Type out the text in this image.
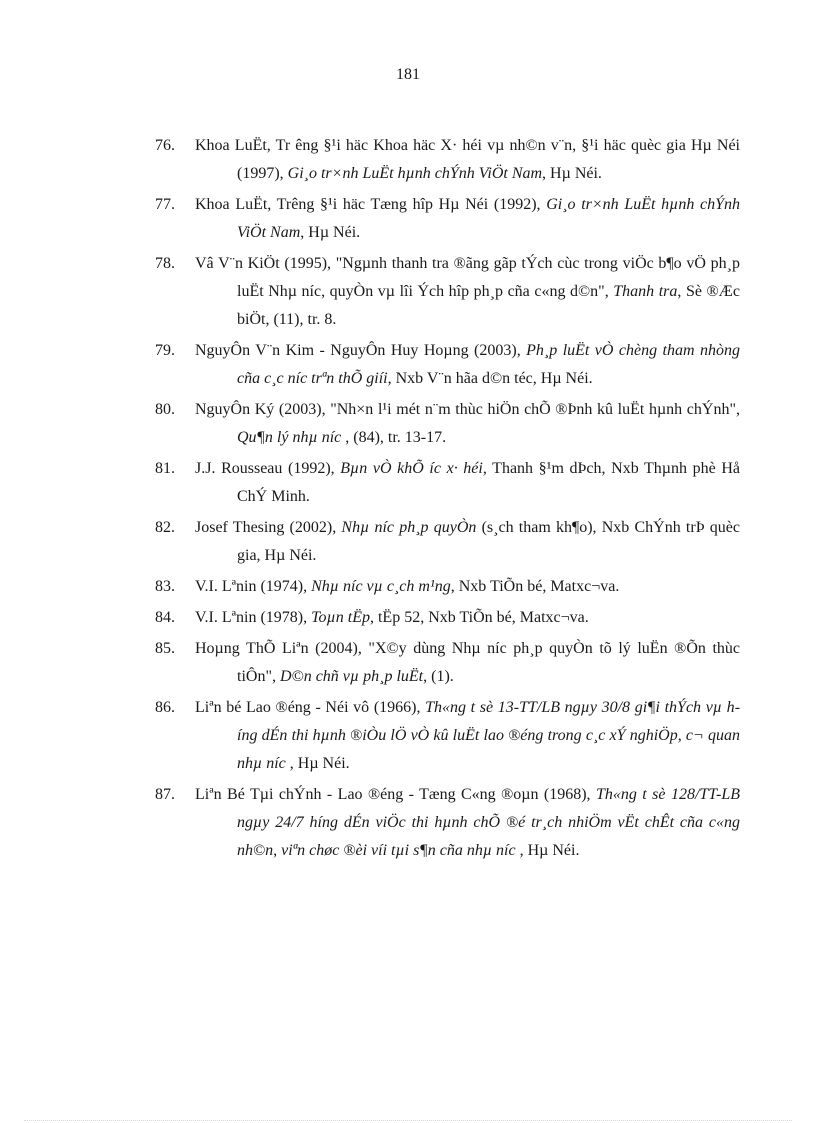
181
76.	Khoa LuËt, Tr êng §¹i häc Khoa häc X· héi vµ nh©n v¨n, §¹i häc quèc gia Hµ Néi (1997), Gi¸o tr×nh LuËt hµnh chÝnh ViÖt Nam, Hµ Néi.
77.	Khoa LuËt, Trêng §¹i häc Tæng hîp Hµ Néi (1992), Gi¸o tr×nh LuËt hµnh chÝnh ViÖt Nam, Hµ Néi.
78.	Vâ V¨n KiÖt (1995), "Ngµnh thanh tra ®ãng gãp tÝch cùc trong viÖc b¶o vÖ ph¸p luËt Nhµ níc, quyÒn vµ lîi Ých hîp ph¸p cña c«ng d©n", Thanh tra, Sè ®Æc biÖt, (11), tr. 8.
79.	NguyÔn V¨n Kim - NguyÔn Huy Hoµng (2003), Ph¸p luËt vÒ chèng tham nhòng cña c¸c níc trªn thÕ giíi, Nxb V¨n hãa d©n téc, Hµ Néi.
80.	NguyÔn Ký (2003), "Nh×n l¹i mét n¨m thùc hiÖn chÕ ®Þnh kû luËt hµnh chÝnh", Qu¶n lý nhµ níc , (84), tr. 13-17.
81.	J.J. Rousseau (1992), Bµn vÒ khÕ íc x· héi, Thanh §¹m dÞch, Nxb Thµnh phè Hå ChÝ Minh.
82.	Josef Thesing (2002), Nhµ níc ph¸p quyÒn (s¸ch tham kh¶o), Nxb ChÝnh trÞ quèc gia, Hµ Néi.
83.	V.I. Lªnin (1974), Nhµ níc vµ c¸ch m¹ng, Nxb TiÕn bé, Matxc¬va.
84.	V.I. Lªnin (1978), Toµn tËp, tËp 52, Nxb TiÕn bé, Matxc¬va.
85.	Hoµng ThÕ Liªn (2004), "X©y dùng Nhµ níc ph¸p quyÒn tõ lý luËn ®Õn thùc tiÔn", D©n chñ vµ ph¸p luËt, (1).
86.	Liªn bé Lao ®éng - Néi vô (1966), Th«ng t sè 13-TT/LB ngµy 30/8 gi¶i thÝch vµ híng dÉn thi hµnh ®iÒu lÖ vÒ kû luËt lao ®éng trong c¸c xÝ nghiÖp, c¬ quan nhµ níc , Hµ Néi.
87.	Liªn Bé Tµi chÝnh - Lao ®éng - Tæng C«ng ®oµn (1968), Th«ng t sè 128/TT-LB ngµy 24/7 híng dÉn viÖc thi hµnh chÕ ®é tr¸ch nhiÖm vËt chÊt cña c«ng nh©n, viªn chøc ®èi víi tµi s¶n cña nhµ níc , Hµ Néi.
